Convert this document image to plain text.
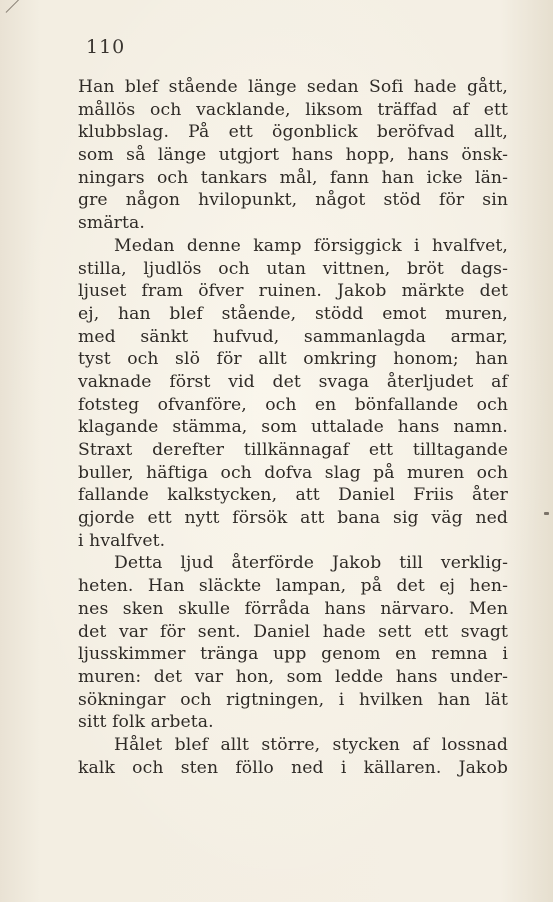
110
Han blef stående länge sedan Sofi hade gått,
mållös och vacklande, liksom träffad af ett
klubbslag. På ett ögonblick beröfvad allt,
som så länge utgjort hans hopp, hans önsk-
ningars och tankars mål, fann han icke län-
gre någon hvilopunkt, något stöd för sin
smärta.
Medan denne kamp försiggick i hvalfvet,
stilla, ljudlös och utan vittnen, bröt dags-
ljuset fram öfver ruinen. Jakob märkte det
ej, han blef stående, stödd emot muren,
med sänkt hufvud, sammanlagda armar,
tyst och slö för allt omkring honom; han
vaknade först vid det svaga återljudet af
fotsteg ofvanföre, och en bönfallande och
klagande stämma, som uttalade hans namn.
Straxt derefter tillkännagaf ett tilltagande
buller, häftiga och dofva slag på muren och
fallande kalkstycken, att Daniel Friis åter
gjorde ett nytt försök att bana sig väg ned
i hvalfvet.
Detta ljud återförde Jakob till verklig-
heten. Han släckte lampan, på det ej hen-
nes sken skulle förråda hans närvaro. Men
det var för sent. Daniel hade sett ett svagt
ljusskimmer tränga upp genom en remna i
muren: det var hon, som ledde hans under-
sökningar och rigtningen, i hvilken han lät
sitt folk arbeta.
Hålet blef allt större, stycken af lossnad
kalk och sten föllo ned i källaren. Jakob
